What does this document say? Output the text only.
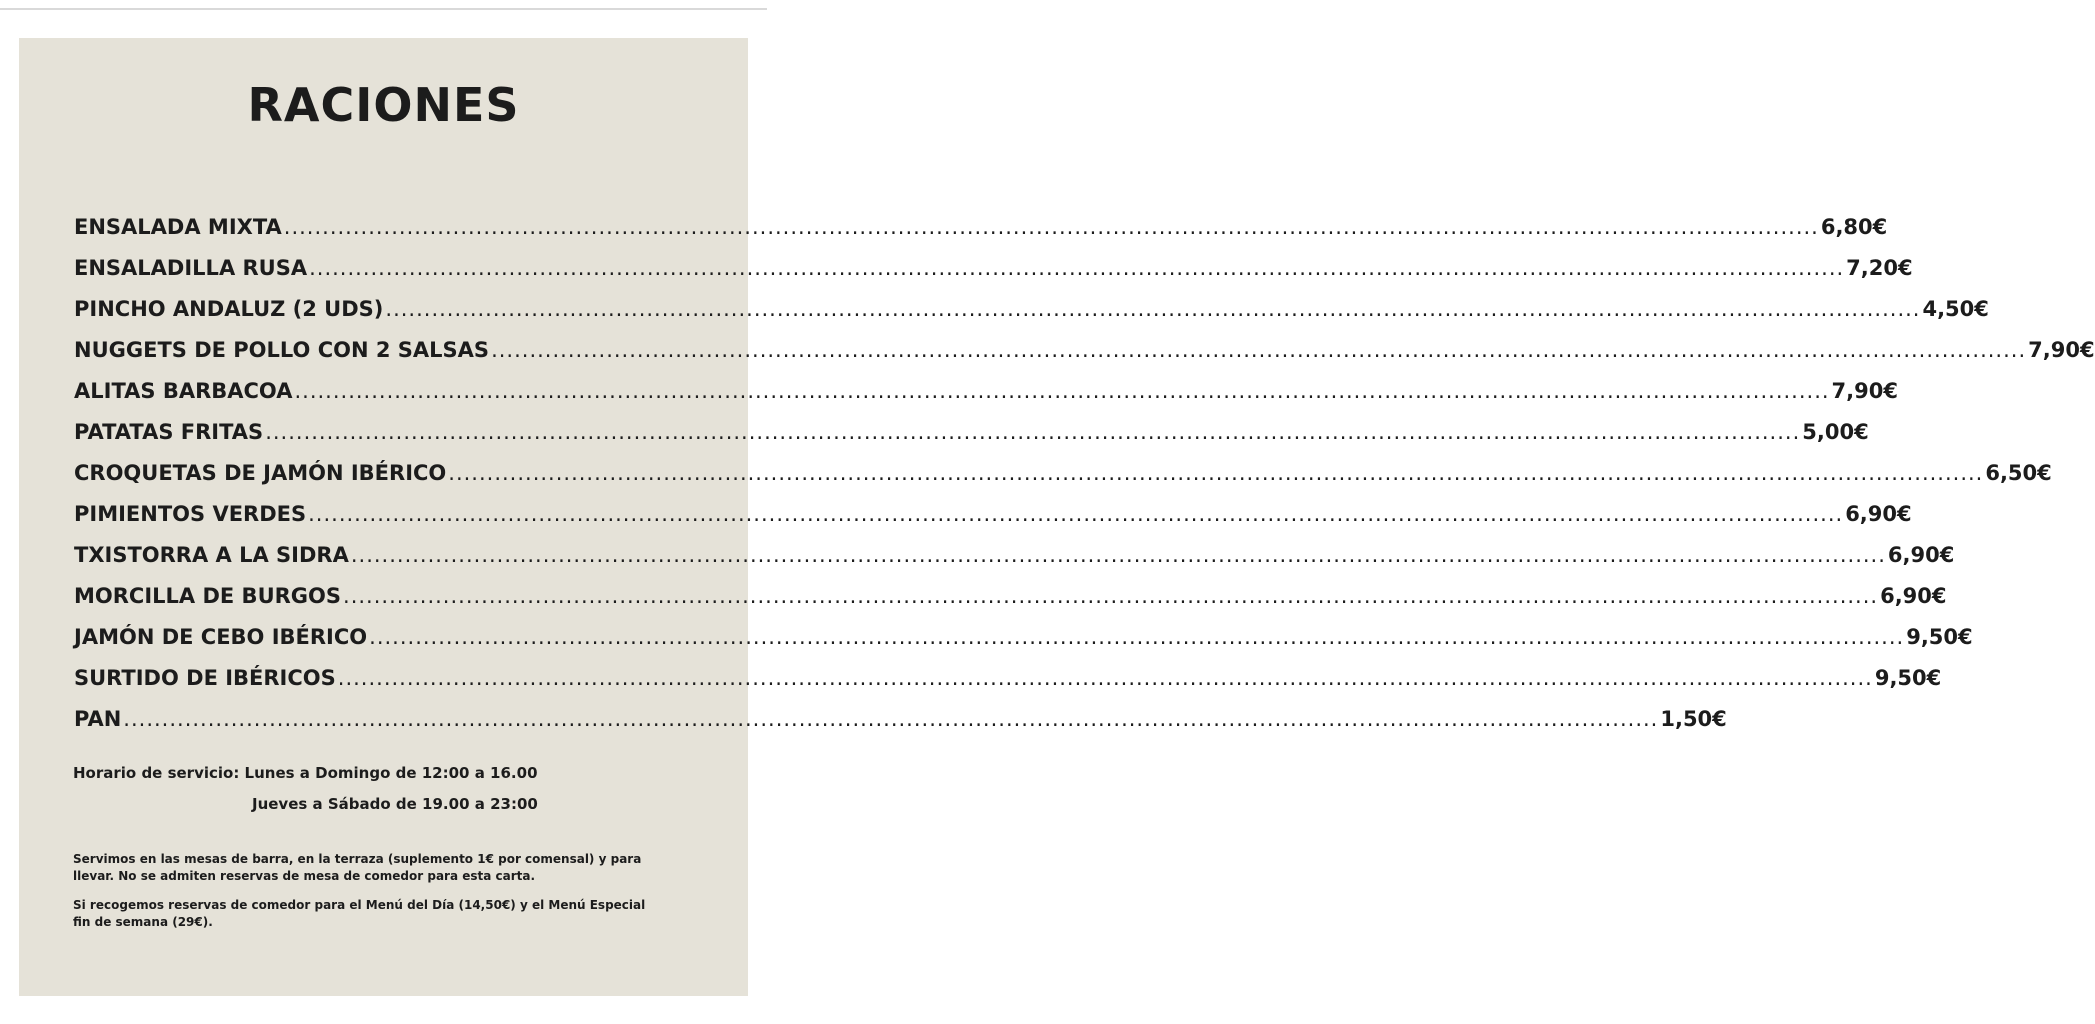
RACIONES
ENSALADA MIXTA ........................................................................................................................................................................................................ 6,80€
ENSALADILLA RUSA ........................................................................................................................................................................................................ 7,20€
PINCHO ANDALUZ (2 UDS) ........................................................................................................................................................................................................ 4,50€
NUGGETS DE POLLO CON 2 SALSAS ........................................................................................................................................................................................................ 7,90€
ALITAS BARBACOA ........................................................................................................................................................................................................ 7,90€
PATATAS FRITAS ........................................................................................................................................................................................................ 5,00€
CROQUETAS DE JAMÓN IBÉRICO ........................................................................................................................................................................................................ 6,50€
PIMIENTOS VERDES ........................................................................................................................................................................................................ 6,90€
TXISTORRA A LA SIDRA ........................................................................................................................................................................................................ 6,90€
MORCILLA DE BURGOS ........................................................................................................................................................................................................ 6,90€
JAMÓN DE CEBO IBÉRICO ........................................................................................................................................................................................................ 9,50€
SURTIDO DE IBÉRICOS ........................................................................................................................................................................................................ 9,50€
PAN ........................................................................................................................................................................................................ 1,50€
Horario de servicio: Lunes a Domingo de 12:00 a 16.00
Jueves a Sábado de 19.00 a 23:00

Servimos en las mesas de barra, en la terraza (suplemento 1€ por comensal) y para llevar. No se admiten reservas de mesa de comedor para esta carta.

Si recogemos reservas de comedor para el Menú del Día (14,50€) y el Menú Especial fin de semana (29€).
